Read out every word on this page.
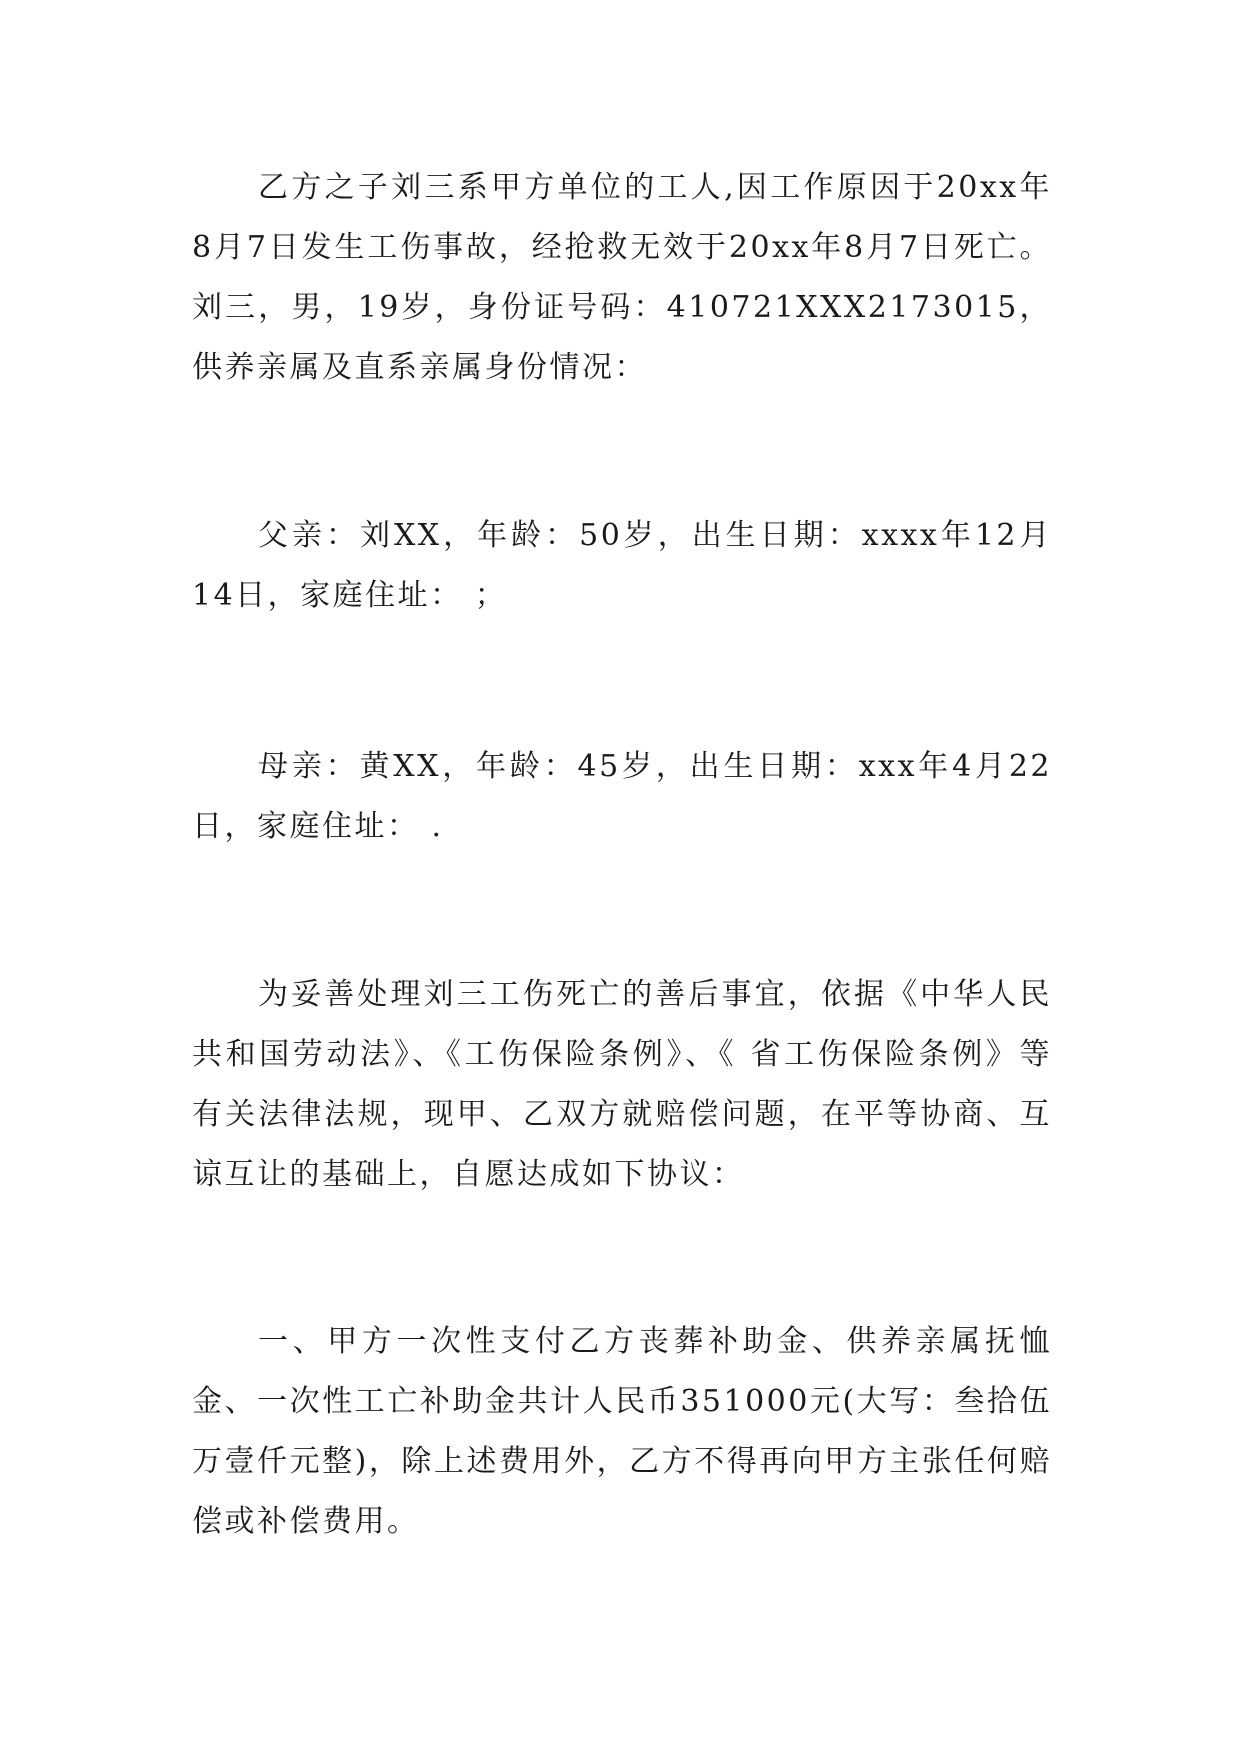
乙方之子刘三系甲方单位的工人,因工作原因于20xx年8月7日发生工伤事故，经抢救无效于20xx年8月7日死亡。刘三，男，19岁，身份证号码：410721XXX2173015，供养亲属及直系亲属身份情况：

父亲：刘XX，年龄：50岁，出生日期：xxxx年12月14日，家庭住址： ；

母亲：黄XX，年龄：45岁，出生日期：xxx年4月22日，家庭住址： .

为妥善处理刘三工伤死亡的善后事宜，依据《中华人民共和国劳动法》、《工伤保险条例》、《 省工伤保险条例》等有关法律法规，现甲、乙双方就赔偿问题，在平等协商、互谅互让的基础上，自愿达成如下协议：

一、甲方一次性支付乙方丧葬补助金、供养亲属抚恤金、一次性工亡补助金共计人民币351000元(大写：叁拾伍万壹仟元整)，除上述费用外，乙方不得再向甲方主张任何赔偿或补偿费用。
